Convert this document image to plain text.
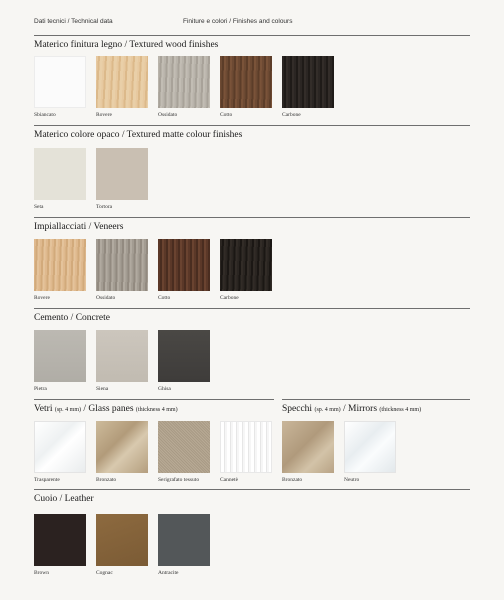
Dati tecnici / Technical data	Finiture e colori / Finishes and colours
Materico finitura legno / Textured wood finishes
Sbiancato	Rovere	Ossidato	Cotto	Carbone
Materico colore opaco / Textured matte colour finishes
Seta	Tortora
Impiallacciati / Veneers
Rovere	Ossidato	Cotto	Carbone
Cemento / Concrete
Pietra	Siena	Ghisa
Vetri (sp. 4 mm) / Glass panes (thickness 4 mm)
Trasparente	Bronzato	Serigrafato tessuto	Cannetè
Specchi (sp. 4 mm) / Mirrors (thickness 4 mm)
Bronzato	Neutro
Cuoio / Leather
Brown	Cognac	Antracite
